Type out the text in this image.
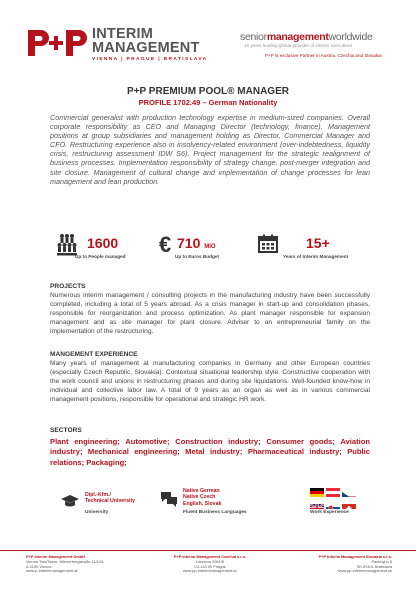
INTERIM
MANAGEMENT
VIENNA | PRAGUE | BRATISLAVA
seniormanagementworldwide
15 years leading global provider of interim executives
P+P is exclusive Partner in Austria, Czechia and Slovakia
P+P PREMIUM POOL® MANAGER
PROFILE 1702.49 – German Nationality
Commercial generalist with production technology expertise in medium-sized companies. Overall corporate responsibility as CEO and Managing Director (technology, finance). Management positions at group subsidiaries and management holding as Director, Commercial Manager and CFO. Restructuring experience also in insolvency-related environment (over-indebtedness, liquidity crisis, restructuring assessment IDW S6). Project management for the strategic realignment of business processes. Implementation responsibility of strategy change, post-merger integration and site closure. Management of cultural change and implementation of change processes for lean management and lean production.
1600
Up to People managed € 710 MIO
Up to Euros Budget
15+
Years of Interim Management
PROJECTS
Numerous interim management / consulting projects in the manufacturing industry have been successfully completed, including a total of 5 years abroad. As a crisis manager in start-up and consolidation phases, responsible for reorganization and process optimization. As plant manager responsible for expansion management and as site manager for plant closure. Adviser to an entrepreneurial family on the implementation of the restructuring.
MANGEMENT EXPERIENCE
Many years of management at manufacturing companies in Germany and other European countries (especially Czech Republic, Slovakia). Contextual situational leadership style. Constructive cooperation with the work council and unions in restructuring phases and during site liquidations. Well-founded know-how in individual and collective labor law. A total of 9 years as an organ as well as in various commercial management positions, responsible for operational and strategic HR work.
SECTORS
Plant engineering; Automotive; Construction industry; Consumer goods; Aviation industry; Mechanical engineering; Metal industry; Pharmaceutical industry; Public relations; Packaging;
Dipl.-Kfm./
Technical University
University
Native German
Native Czech
English, Slovak
Fluent Business Languages	Work Experience
P+P Interim Management GmbH
Vienna TwinTower, Wienerbergstraße 11/12A
A-1100 Vienna
www.p-interimmanagement.at
P+P Interim Management Czechia s.r.o.
Lannova 2061/8
CZ-110 00 Prague
www.pp-interimmanagement.cz
P+P Interim Management Slovakia s.r.o.
Paulínyho 8
SK-81101 Bratislava
www.pp-interimmanagement.sk
